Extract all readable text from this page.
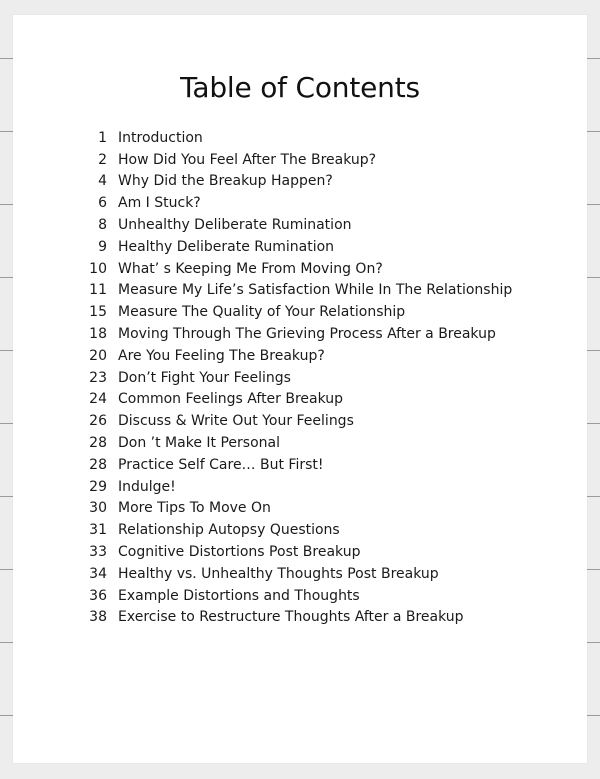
Table of Contents
1 Introduction
2 How Did You Feel After The Breakup?
4 Why Did the Breakup Happen?
6 Am I Stuck?
8 Unhealthy Deliberate Rumination
9 Healthy Deliberate Rumination
10 What’ s Keeping Me From Moving On?
11 Measure My Life’s Satisfaction While In The Relationship
15 Measure The Quality of Your Relationship
18 Moving Through The Grieving Process After a Breakup
20 Are You Feeling The Breakup?
23 Don’t Fight Your Feelings
24 Common Feelings After Breakup
26 Discuss & Write Out Your Feelings
28 Don ’t Make It Personal
28 Practice Self Care… But First!
29 Indulge!
30 More Tips To Move On
31 Relationship Autopsy Questions
33 Cognitive Distortions Post Breakup
34 Healthy vs. Unhealthy Thoughts Post Breakup
36 Example Distortions and Thoughts
38 Exercise to Restructure Thoughts After a Breakup
